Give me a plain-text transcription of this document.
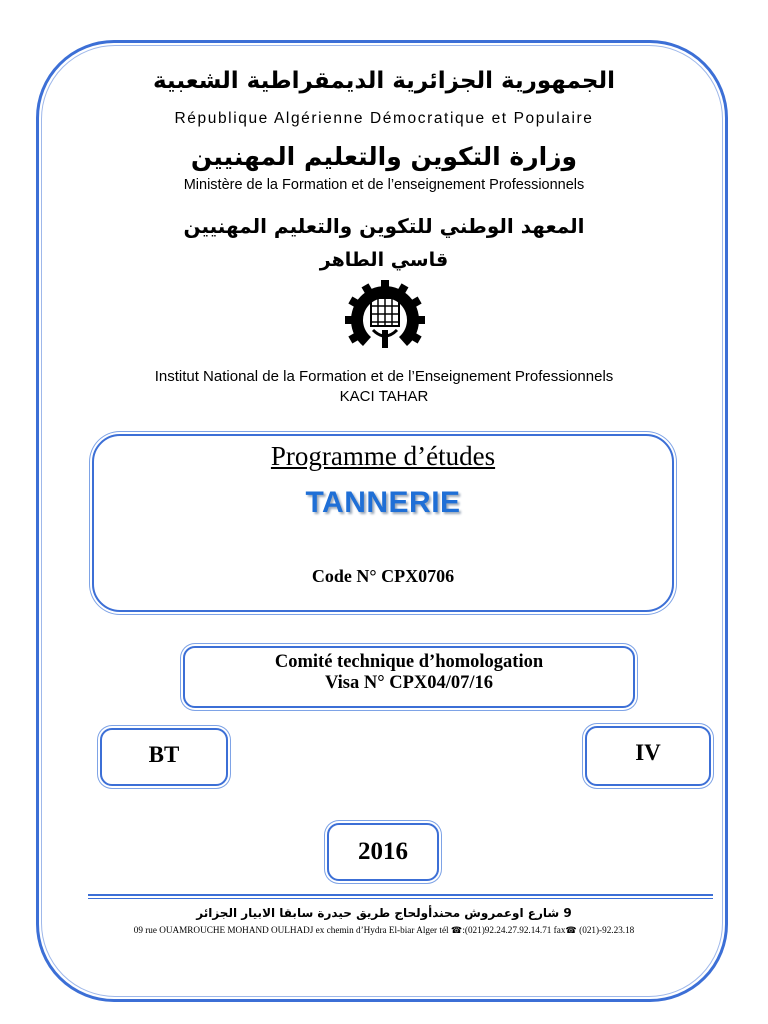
الجمهورية الجزائرية الديمقراطية الشعبية
République Algérienne Démocratique et Populaire
وزارة التكوين والتعليم المهنيين
Ministère de la Formation et de l’enseignement Professionnels
المعهد الوطني للتكوين والتعليم المهنيين
قاسي الطاهر
Institut National de la Formation et de l’Enseignement Professionnels
KACI TAHAR
Programme d’études
TANNERIE
Code N° CPX0706
Comité technique d’homologation
Visa N° CPX04/07/16
BT	IV
2016
9 شارع اوعمروش محندأولحاج طريق حيدرة سابقا الابيار الجزائر
09 rue OUAMROUCHE MOHAND OULHADJ ex chemin d’Hydra El-biar Alger tél ☎:(021)92.24.27.92.14.71 fax☎ (021)-92.23.18
